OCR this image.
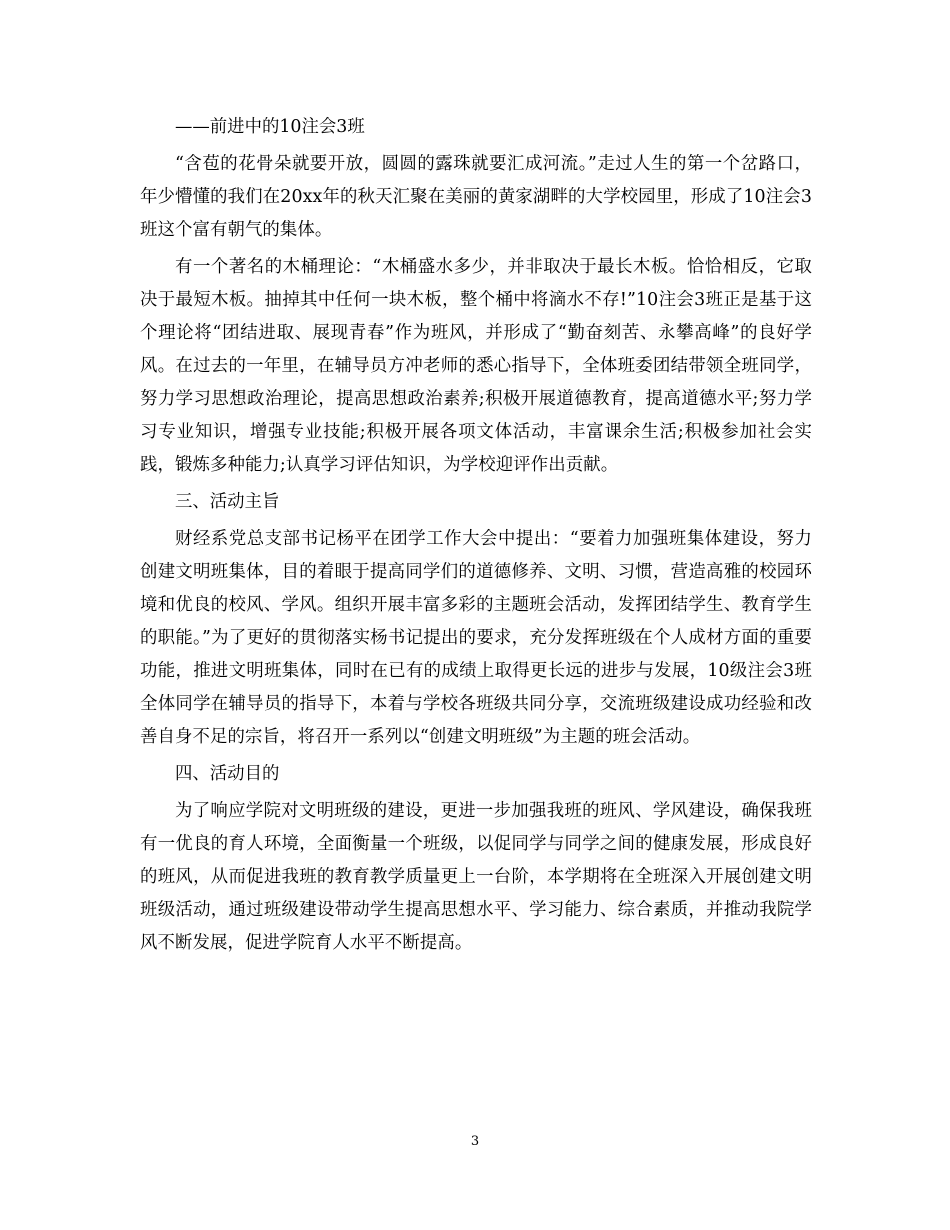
——前进中的10注会3班

“含苞的花骨朵就要开放，圆圆的露珠就要汇成河流。”走过人生的第一个岔路口，年少懵懂的我们在20xx年的秋天汇聚在美丽的黄家湖畔的大学校园里，形成了10注会3班这个富有朝气的集体。

有一个著名的木桶理论：“木桶盛水多少，并非取决于最长木板。恰恰相反，它取决于最短木板。抽掉其中任何一块木板，整个桶中将滴水不存!”10注会3班正是基于这个理论将“团结进取、展现青春”作为班风，并形成了“勤奋刻苦、永攀高峰”的良好学风。在过去的一年里，在辅导员方冲老师的悉心指导下，全体班委团结带领全班同学，努力学习思想政治理论，提高思想政治素养;积极开展道德教育，提高道德水平;努力学习专业知识，增强专业技能;积极开展各项文体活动，丰富课余生活;积极参加社会实践，锻炼多种能力;认真学习评估知识，为学校迎评作出贡献。

三、活动主旨

财经系党总支部书记杨平在团学工作大会中提出：“要着力加强班集体建设，努力创建文明班集体，目的着眼于提高同学们的道德修养、文明、习惯，营造高雅的校园环境和优良的校风、学风。组织开展丰富多彩的主题班会活动，发挥团结学生、教育学生的职能。”为了更好的贯彻落实杨书记提出的要求，充分发挥班级在个人成材方面的重要功能，推进文明班集体，同时在已有的成绩上取得更长远的进步与发展，10级注会3班全体同学在辅导员的指导下，本着与学校各班级共同分享，交流班级建设成功经验和改善自身不足的宗旨，将召开一系列以“创建文明班级”为主题的班会活动。

四、活动目的

为了响应学院对文明班级的建设，更进一步加强我班的班风、学风建设，确保我班有一优良的育人环境，全面衡量一个班级，以促同学与同学之间的健康发展，形成良好的班风，从而促进我班的教育教学质量更上一台阶，本学期将在全班深入开展创建文明班级活动，通过班级建设带动学生提高思想水平、学习能力、综合素质，并推动我院学风不断发展，促进学院育人水平不断提高。

3
